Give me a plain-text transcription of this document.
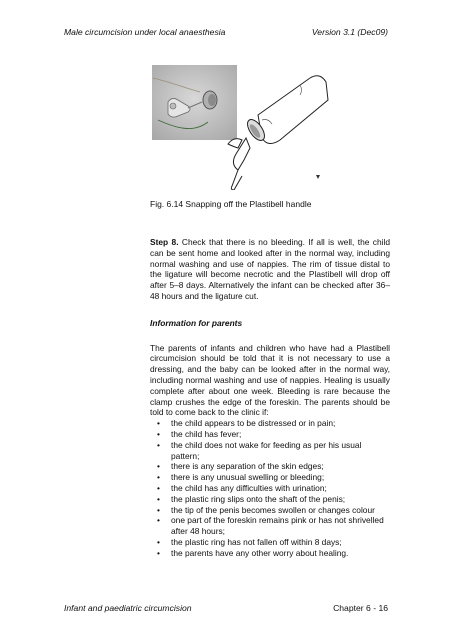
Male circumcision under local anaesthesia	Version 3.1 (Dec09)
Fig. 6.14 Snapping off the Plastibell handle

Step 8. Check that there is no bleeding. If all is well, the child can be sent home and looked after in the normal way, including normal washing and use of nappies. The rim of tissue distal to the ligature will become necrotic and the Plastibell will drop off after 5–8 days. Alternatively the infant can be checked after 36–48 hours and the ligature cut.

Information for parents

The parents of infants and children who have had a Plastibell circumcision should be told that it is not necessary to use a dressing, and the baby can be looked after in the normal way, including normal washing and use of nappies. Healing is usually complete after about one week. Bleeding is rare because the clamp crushes the edge of the foreskin. The parents should be told to come back to the clinic if:

• the child appears to be distressed or in pain;
• the child has fever;
• the child does not wake for feeding as per his usual pattern;
• there is any separation of the skin edges;
• there is any unusual swelling or bleeding;
• the child has any difficulties with urination;
• the plastic ring slips onto the shaft of the penis;
• the tip of the penis becomes swollen or changes colour
• one part of the foreskin remains pink or has not shrivelled after 48 hours;
• the plastic ring has not fallen off within 8 days;
• the parents have any other worry about healing.
Infant and paediatric circumcision	Chapter 6 - 16
